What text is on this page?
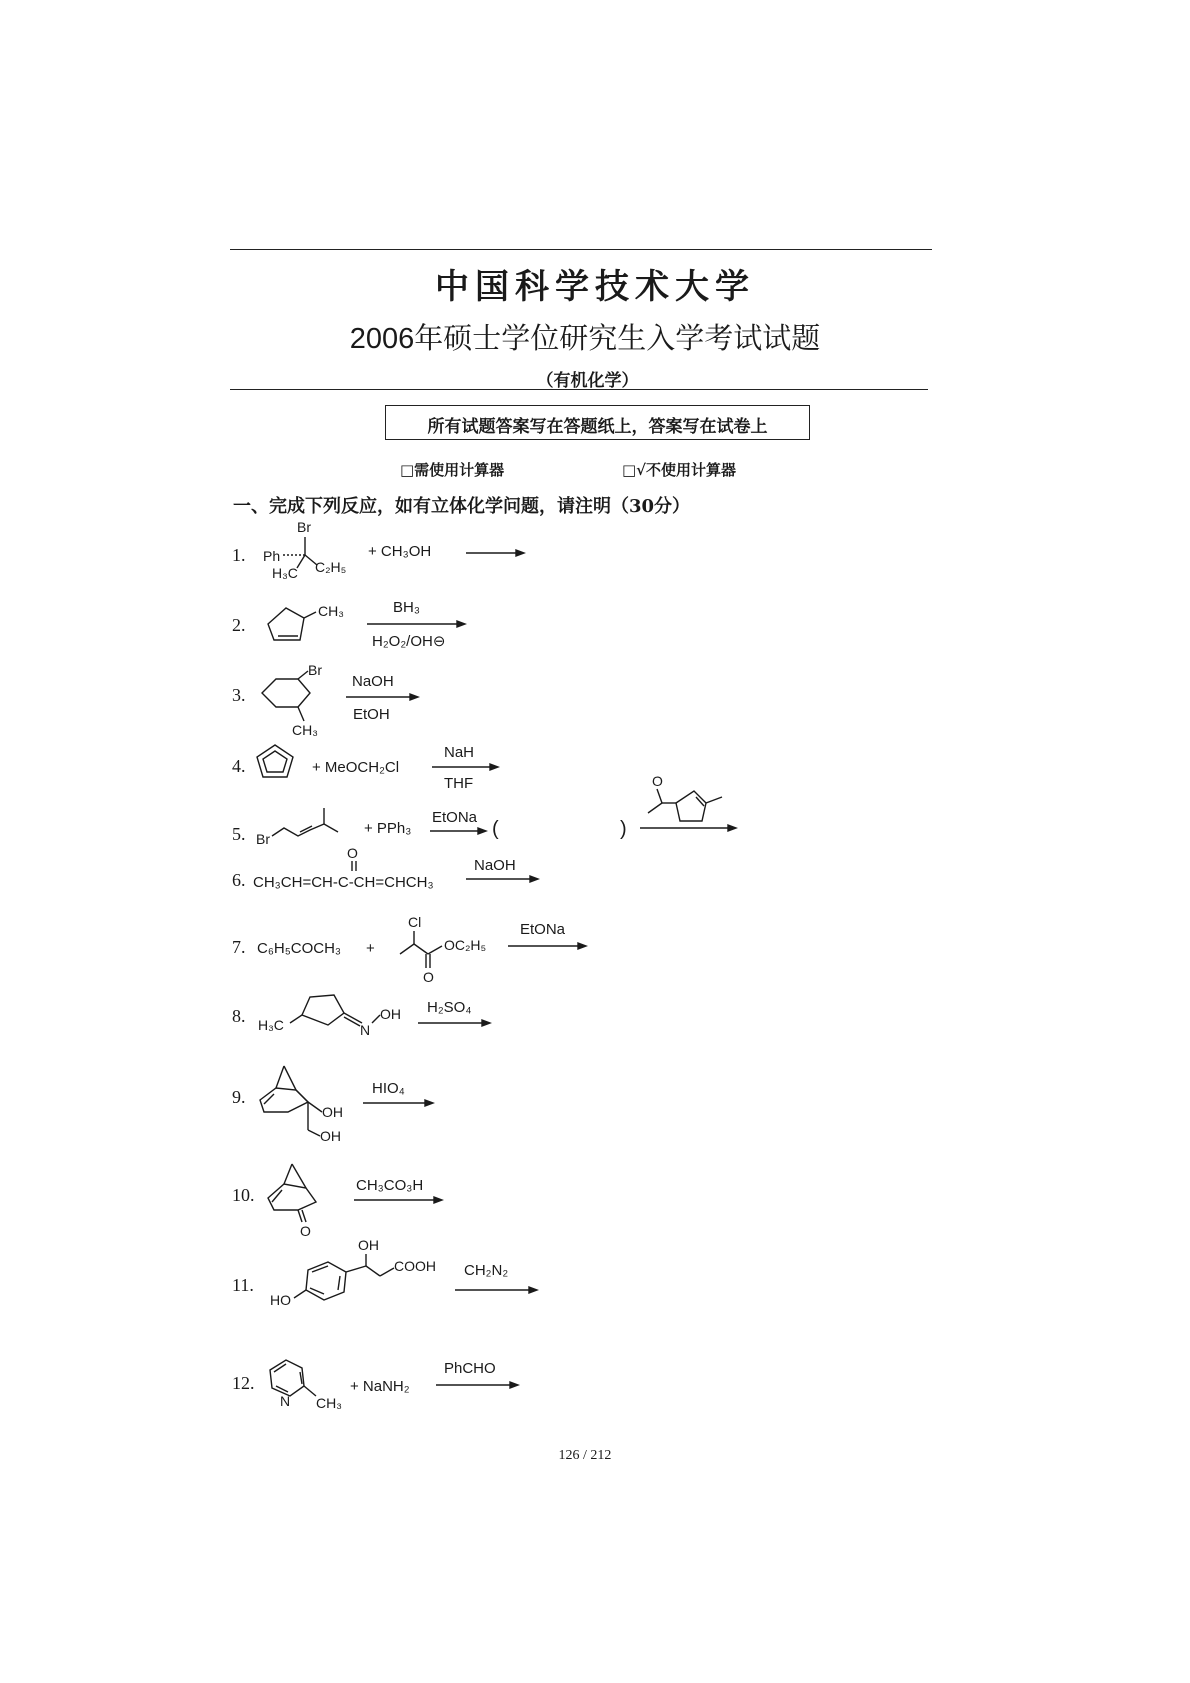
中国科学技术大学
2006年硕士学位研究生入学考试试题
（有机化学）
所有试题答案写在答题纸上，答案写在试卷上
□需使用计算器	□√不使用计算器
一、完成下列反应，如有立体化学问题，请注明（30分）
1.
Br
Ph
C₂H₅
H₃C
+ CH₃OH
2.
CH₃	BH₃
H₂O₂/OH⊖
3.
Br
CH₃
NaOH
EtOH
4.	+ MeOCH₂Cl
NaH
THF
5. Br
+ PPh₃
EtONa
(	)
O
6.
O
CH₃CH=CH-C-CH=CHCH₃
NaOH
7. C₆H₅COCH₃ +
Cl
OC₂H₅
O
EtONa
8. H₃C	N
OH H₂SO₄
9.
OH
OH
HIO₄
10.
O
CH₃CO₃H
11.
OH
COOH
HO
CH₂N₂
12.
N CH₃
+ NaNH₂
PhCHO
126 / 212
